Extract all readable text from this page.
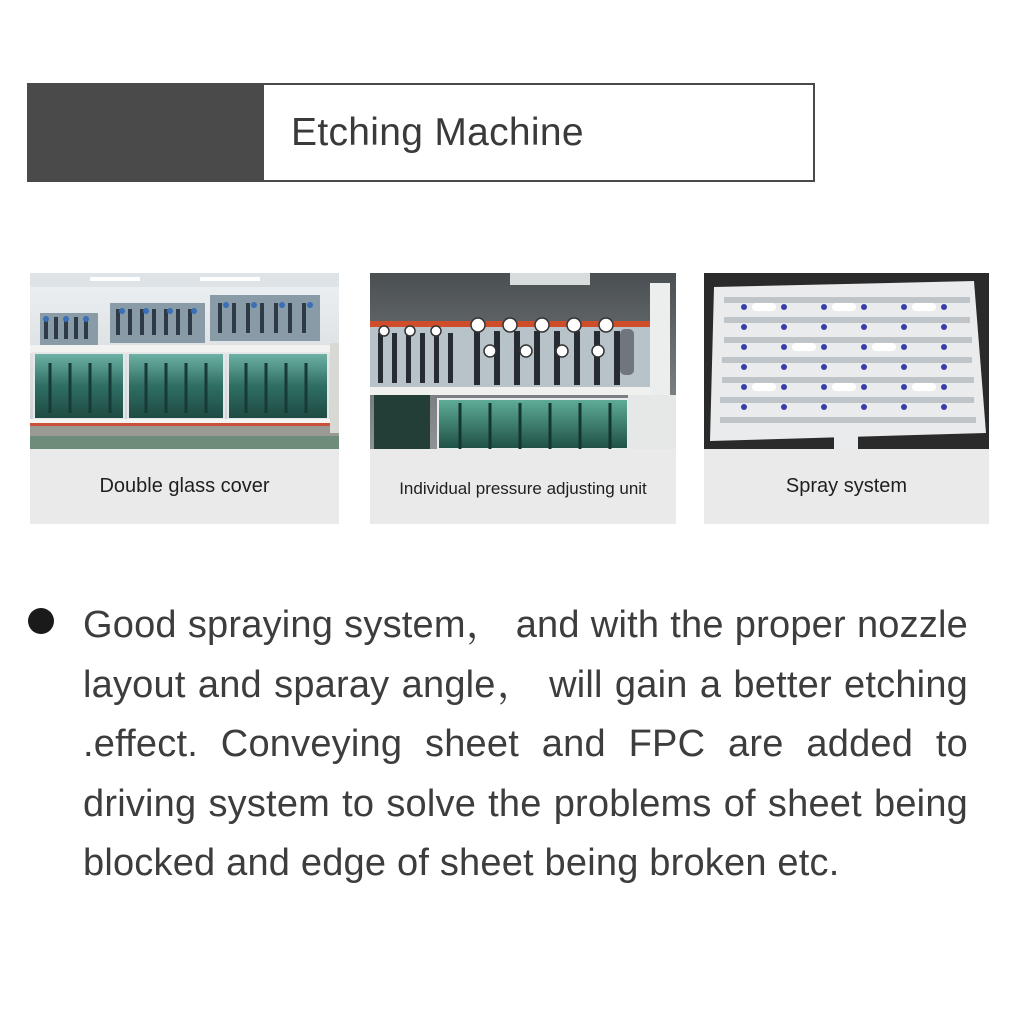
Etching Machine
Double glass cover	Individual pressure adjusting unit	Spray system
Good spraying system， and with the proper nozzle layout and sparay angle， will gain a better etching .effect. Conveying sheet and FPC are added to driving system to solve the problems of sheet being blocked and edge of sheet being broken etc.
